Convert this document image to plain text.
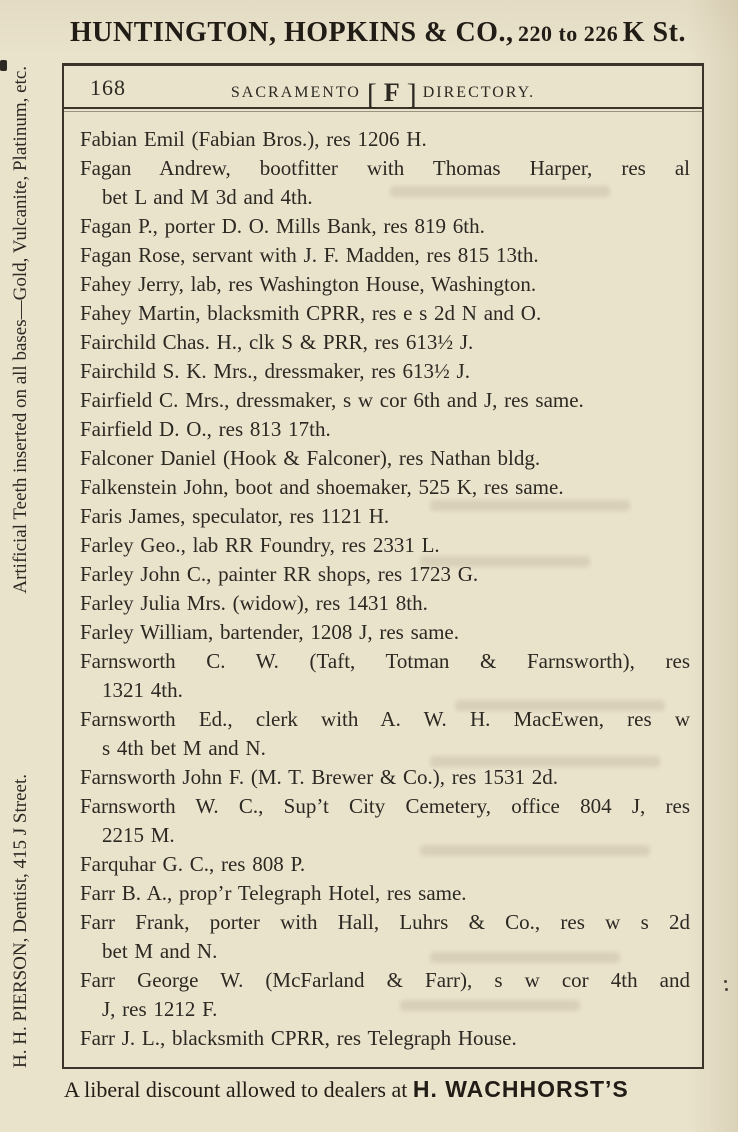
HUNTINGTON, HOPKINS & CO., 220 to 226 K St.
H. H. PIERSON, Dentist, 415 J Street.
Artificial Teeth inserted on all bases—Gold, Vulcanite, Platinum, etc.	168	SACRAMENTO [ F ] DIRECTORY.
Fabian Emil (Fabian Bros.), res 1206 H.
Fagan Andrew, bootfitter with Thomas Harper, res al
bet L and M 3d and 4th.
Fagan P., porter D. O. Mills Bank, res 819 6th.
Fagan Rose, servant with J. F. Madden, res 815 13th.
Fahey Jerry, lab, res Washington House, Washington.
Fahey Martin, blacksmith CPRR, res e s 2d N and O.
Fairchild Chas. H., clk S & PRR, res 613½ J.
Fairchild S. K. Mrs., dressmaker, res 613½ J.
Fairfield C. Mrs., dressmaker, s w cor 6th and J, res same.
Fairfield D. O., res 813 17th.
Falconer Daniel (Hook & Falconer), res Nathan bldg.
Falkenstein John, boot and shoemaker, 525 K, res same.
Faris James, speculator, res 1121 H.
Farley Geo., lab RR Foundry, res 2331 L.
Farley John C., painter RR shops, res 1723 G.
Farley Julia Mrs. (widow), res 1431 8th.
Farley William, bartender, 1208 J, res same.
Farnsworth C. W. (Taft, Totman & Farnsworth), res
1321 4th.
Farnsworth Ed., clerk with A. W. H. MacEwen, res w
s 4th bet M and N.
Farnsworth John F. (M. T. Brewer & Co.), res 1531 2d.
Farnsworth W. C., Sup’t City Cemetery, office 804 J, res
2215 M.
Farquhar G. C., res 808 P.
Farr B. A., prop’r Telegraph Hotel, res same.
Farr Frank, porter with Hall, Luhrs & Co., res w s 2d
bet M and N.
Farr George W. (McFarland & Farr), s w cor 4th and
J, res 1212 F.
Farr J. L., blacksmith CPRR, res Telegraph House.
A liberal discount allowed to dealers at H. WACHHORST’S
